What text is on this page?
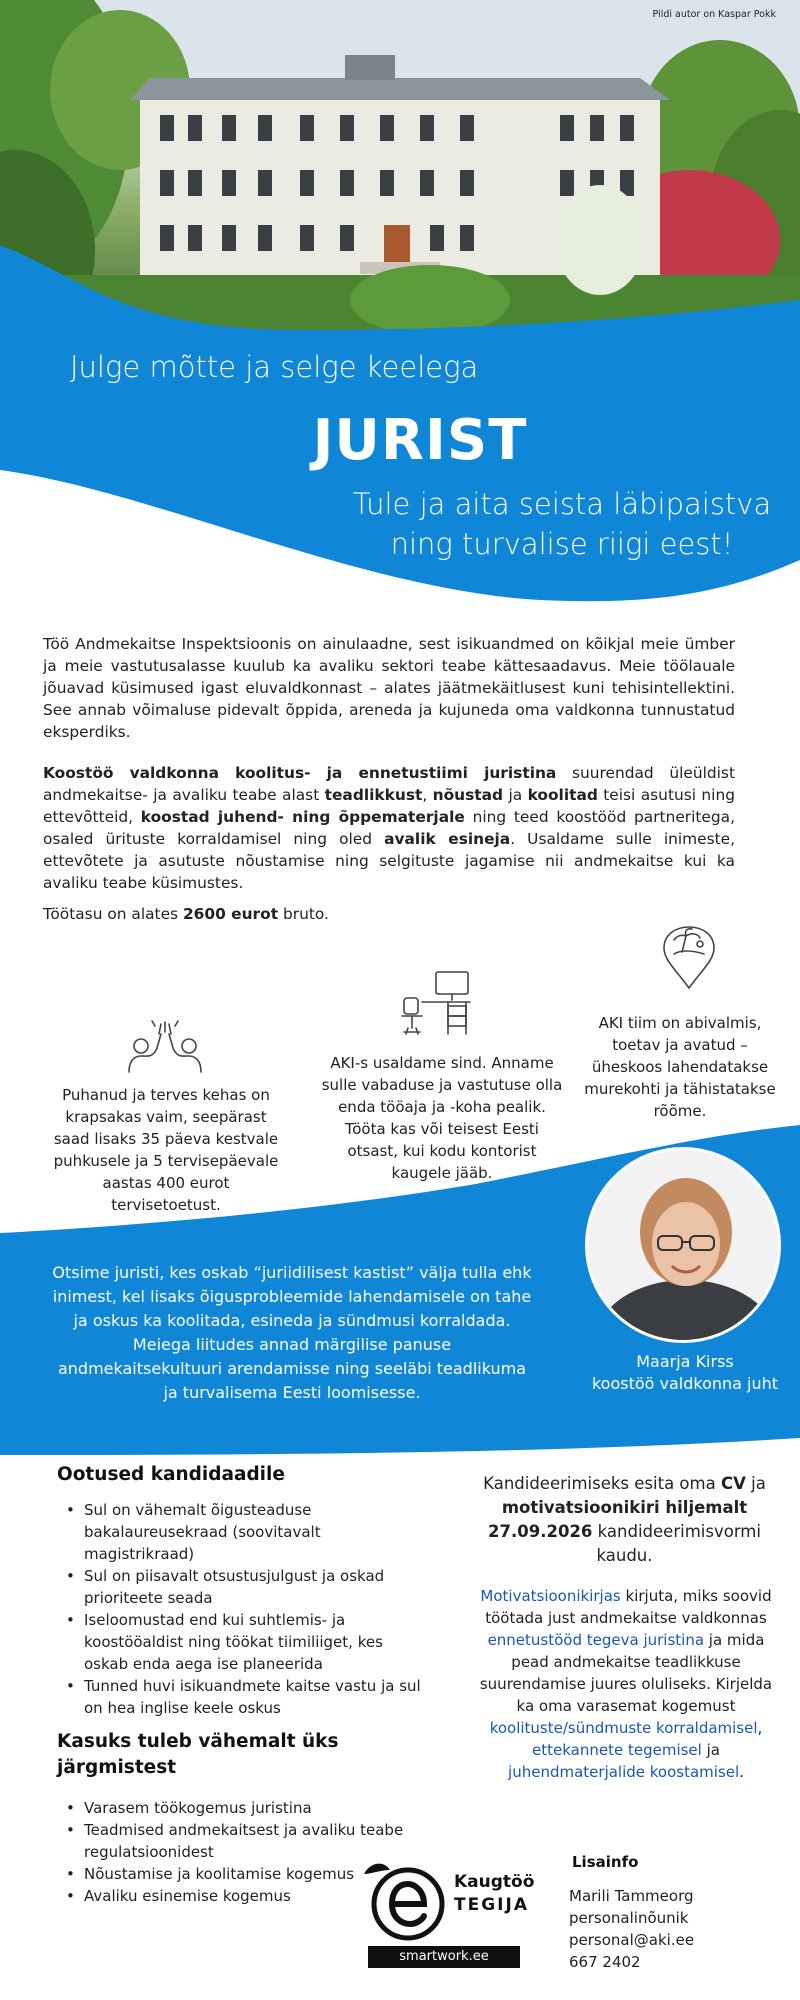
Pildi autor on Kaspar Pokk
Julge mõtte ja selge keelega
JURIST
Tule ja aita seista läbipaistva ning turvalise riigi eest!
Töö Andmekaitse Inspektsioonis on ainulaadne, sest isikuandmed on kõikjal meie ümber ja meie vastutusalasse kuulub ka avaliku sektori teabe kättesaadavus. Meie töölauale jõuavad küsimused igast eluvaldkonnast – alates jäätmekäitlusest kuni tehisintellektini. See annab võimaluse pidevalt õppida, areneda ja kujuneda oma valdkonna tunnustatud eksperdiks.
Koostöö valdkonna koolitus- ja ennetustiimi juristina suurendad üleüldist andmekaitse- ja avaliku teabe alast teadlikkust, nõustad ja koolitad teisi asutusi ning ettevõtteid, koostad juhend- ning õppematerjale ning teed koostööd partneritega, osaled ürituste korraldamisel ning oled avalik esineja. Usaldame sulle inimeste, ettevõtete ja asutuste nõustamise ning selgituste jagamise nii andmekaitse kui ka avaliku teabe küsimustes.
Töötasu on alates 2600 eurot bruto.
Puhanud ja terves kehas on krapsakas vaim, seepärast saad lisaks 35 päeva kestvale puhkusele ja 5 tervisepäevale aastas 400 eurot tervisetoetust.
AKI-s usaldame sind. Anname sulle vabaduse ja vastutuse olla enda tööaja ja -koha pealik. Tööta kas või teisest Eesti otsast, kui kodu kontorist kaugele jääb.
AKI tiim on abivalmis, toetav ja avatud – üheskoos lahendatakse murekohti ja tähistatakse rõõme.
Otsime juristi, kes oskab “juriidilisest kastist” välja tulla ehk inimest, kel lisaks õigusprobleemide lahendamisele on tahe ja oskus ka koolitada, esineda ja sündmusi korraldada. Meiega liitudes annad märgilise panuse andmekaitsekultuuri arendamisse ning seeläbi teadlikuma ja turvalisema Eesti loomisesse.
Maarja Kirss
koostöö valdkonna juht
Ootused kandidaadile
• Sul on vähemalt õigusteaduse bakalaureusekraad (soovitavalt magistrikraad)
• Sul on piisavalt otsustusjulgust ja oskad prioriteete seada
• Iseloomustad end kui suhtlemis- ja koostööaldist ning töökat tiimiliiget, kes oskab enda aega ise planeerida
• Tunned huvi isikuandmete kaitse vastu ja sul on hea inglise keele oskus
Kasuks tuleb vähemalt üks järgmistest
• Varasem töökogemus juristina
• Teadmised andmekaitsest ja avaliku teabe regulatsioonidest
• Nõustamise ja koolitamise kogemus
• Avaliku esinemise kogemus
Kandideerimiseks esita oma CV ja motivatsioonikiri hiljemalt 27.09.2026 kandideerimisvormi kaudu.
Motivatsioonikirjas kirjuta, miks soovid töötada just andmekaitse valdkonnas ennetustööd tegeva juristina ja mida pead andmekaitse teadlikkuse suurendamise juures oluliseks. Kirjelda ka oma varasemat kogemust koolituste/sündmuste korraldamisel, ettekannete tegemisel ja juhendmaterjalide koostamisel.
Kaugtöö
TEGIJA
smartwork.ee
Lisainfo
Marili Tammeorg
personalinõunik
personal@aki.ee
667 2402
